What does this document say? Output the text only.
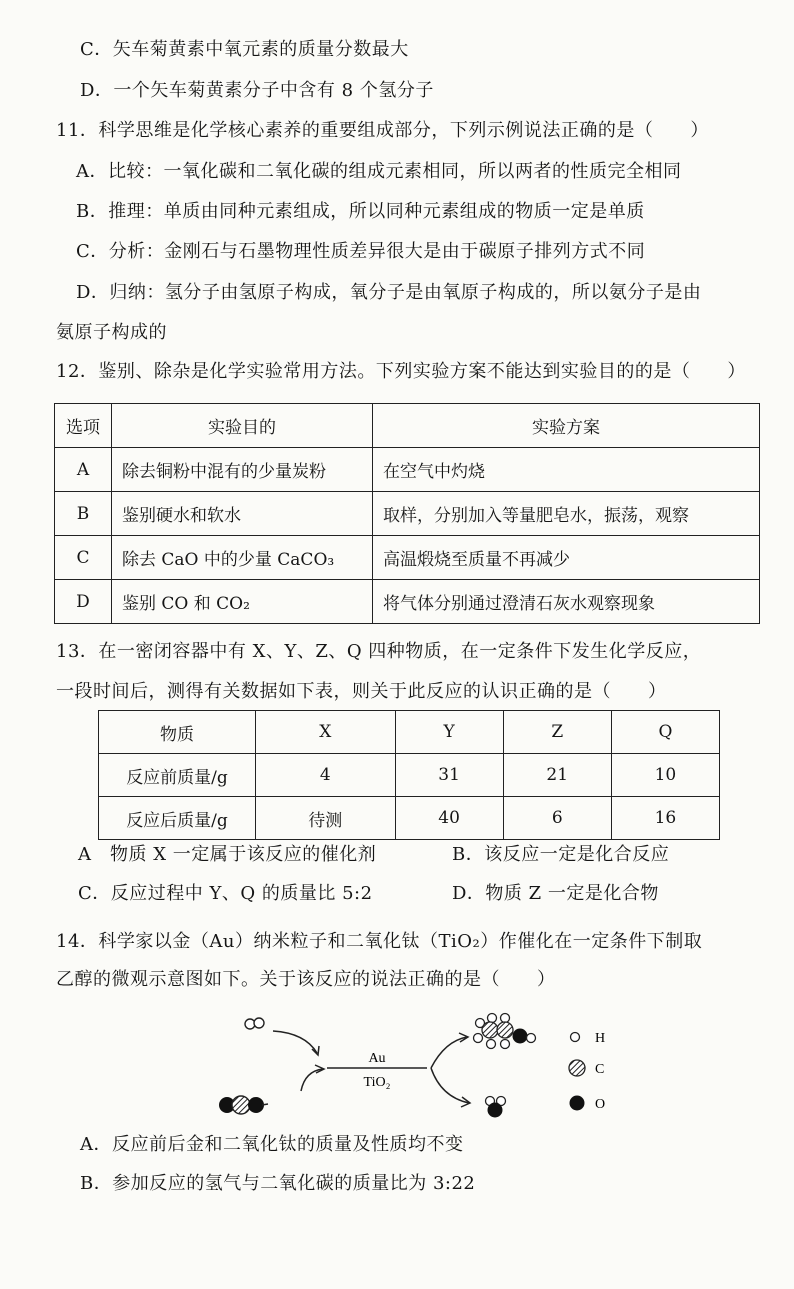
C．矢车菊黄素中氧元素的质量分数最大
D．一个矢车菊黄素分子中含有 8 个氢分子
11．科学思维是化学核心素养的重要组成部分，下列示例说法正确的是（　　）
A．比较：一氧化碳和二氧化碳的组成元素相同，所以两者的性质完全相同
B．推理：单质由同种元素组成，所以同种元素组成的物质一定是单质
C．分析：金刚石与石墨物理性质差异很大是由于碳原子排列方式不同
D．归纳：氢分子由氢原子构成，氧分子是由氧原子构成的，所以氨分子是由
氨原子构成的
12．鉴别、除杂是化学实验常用方法。下列实验方案不能达到实验目的的是（　　）
选项	实验目的	实验方案
A	除去铜粉中混有的少量炭粉	在空气中灼烧
B	鉴别硬水和软水	取样，分别加入等量肥皂水，振荡，观察
C	除去 CaO 中的少量 CaCO₃	高温煅烧至质量不再减少
D	鉴别 CO 和 CO₂	将气体分别通过澄清石灰水观察现象
13．在一密闭容器中有 X、Y、Z、Q 四种物质，在一定条件下发生化学反应，
一段时间后，测得有关数据如下表，则关于此反应的认识正确的是（　　）
物质	X	Y	Z	Q
反应前质量/g	4	31	21	10
反应后质量/g	待测	40	6	16
A　物质 X 一定属于该反应的催化剂	B．该反应一定是化合反应
C．反应过程中 Y、Q 的质量比 5:2	D．物质 Z 一定是化合物
14．科学家以金（Au）纳米粒子和二氧化钛（TiO₂）作催化在一定条件下制取
乙醇的微观示意图如下。关于该反应的说法正确的是（　　）
Au
TiO₂
H
C
O
A．反应前后金和二氧化钛的质量及性质均不变
B．参加反应的氢气与二氧化碳的质量比为 3:22
